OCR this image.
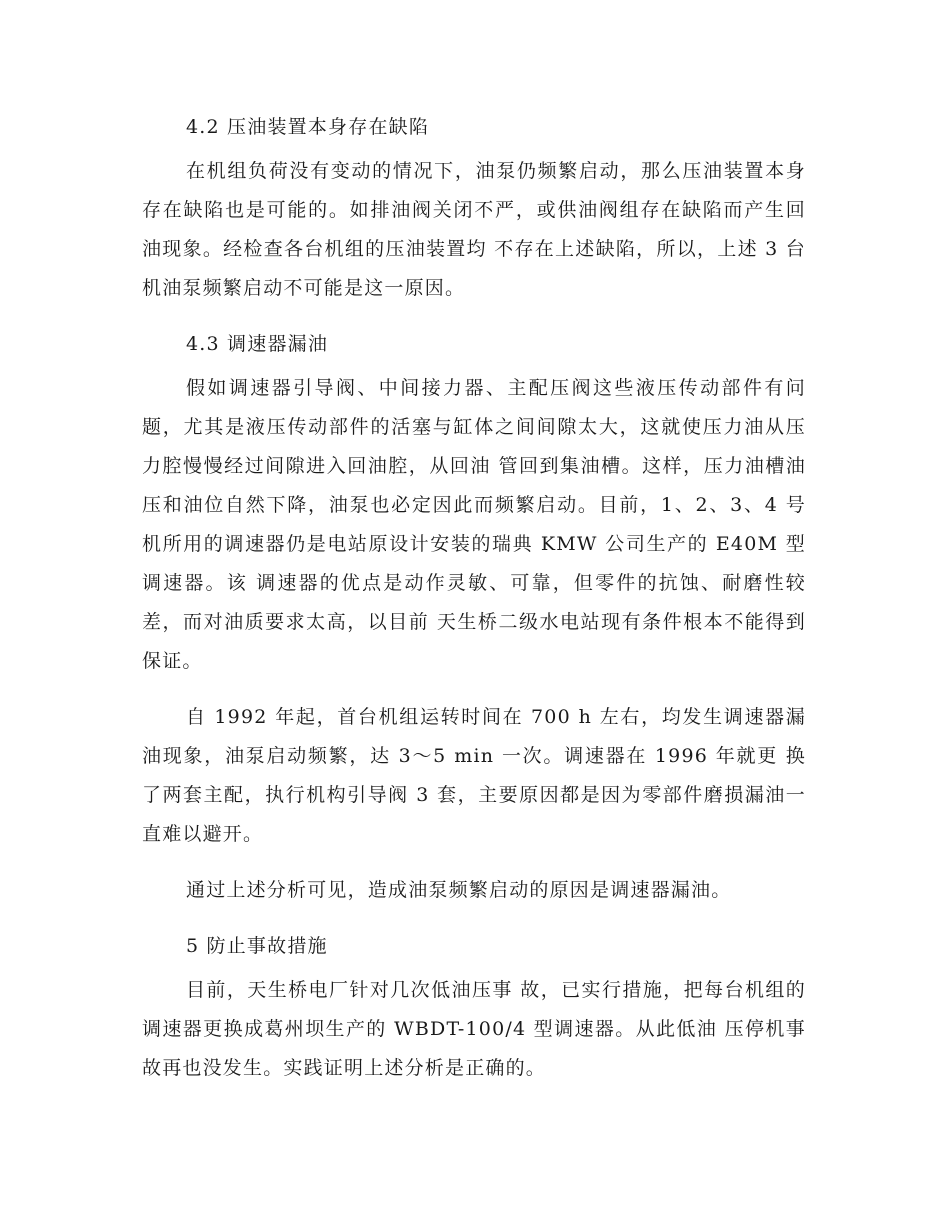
4.2 压油装置本身存在缺陷

在机组负荷没有变动的情况下，油泵仍频繁启动，那么压油装置本身存在缺陷也是可能的。如排油阀关闭不严，或供油阀组存在缺陷而产生回油现象。经检查各台机组的压油装置均 不存在上述缺陷，所以，上述 3 台机油泵频繁启动不可能是这一原因。

4.3 调速器漏油

假如调速器引导阀、中间接力器、主配压阀这些液压传动部件有问题，尤其是液压传动部件的活塞与缸体之间间隙太大，这就使压力油从压力腔慢慢经过间隙进入回油腔，从回油 管回到集油槽。这样，压力油槽油压和油位自然下降，油泵也必定因此而频繁启动。目前，1、2、3、4 号机所用的调速器仍是电站原设计安装的瑞典 KMW 公司生产的 E40M 型调速器。该 调速器的优点是动作灵敏、可靠，但零件的抗蚀、耐磨性较差，而对油质要求太高，以目前 天生桥二级水电站现有条件根本不能得到保证。

自 1992 年起，首台机组运转时间在 700 h 左右，均发生调速器漏油现象，油泵启动频繁，达 3～5 min 一次。调速器在 1996 年就更 换了两套主配，执行机构引导阀 3 套，主要原因都是因为零部件磨损漏油一直难以避开。

通过上述分析可见，造成油泵频繁启动的原因是调速器漏油。

5 防止事故措施

目前，天生桥电厂针对几次低油压事 故，已实行措施，把每台机组的调速器更换成葛州坝生产的 WBDT-100/4 型调速器。从此低油 压停机事故再也没发生。实践证明上述分析是正确的。
